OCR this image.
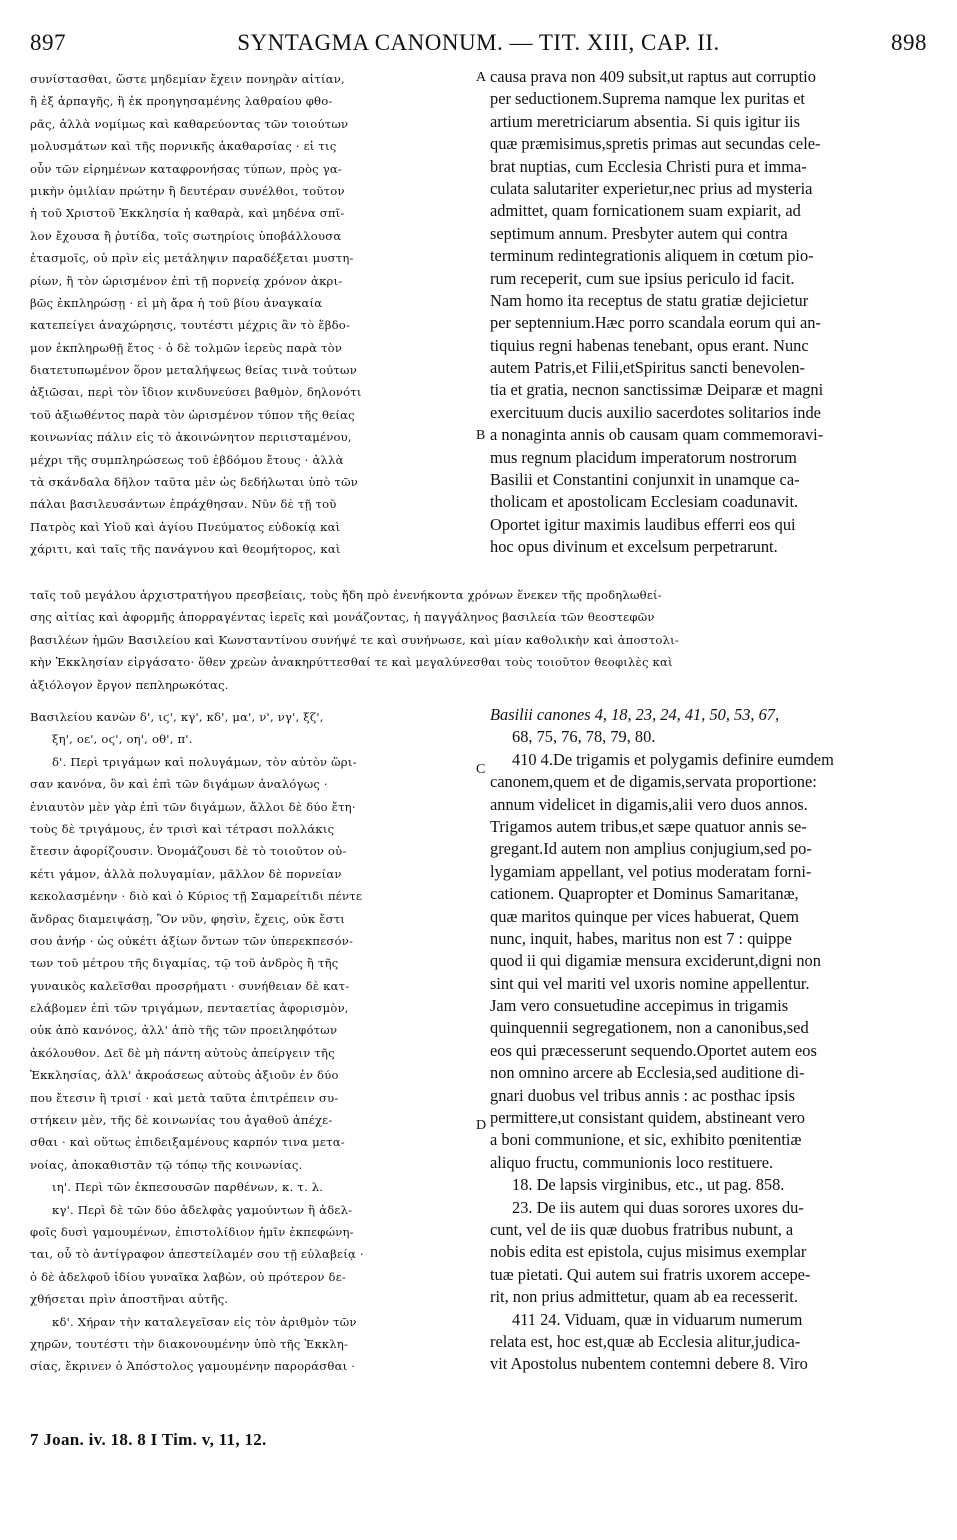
897	SYNTAGMA CANONUM. — TIT. XIII, CAP. II.	898
συνίστασθαι, ὥστε μηδεμίαν ἔχειν πονηρὰν αἰτίαν,
ἢ ἐξ ἁρπαγῆς, ἢ ἐκ προηγησαμένης λαθραίου φθο-
ρᾶς, ἀλλὰ νομίμως καὶ καθαρεύοντας τῶν τοιούτων
μολυσμάτων καὶ τῆς πορνικῆς ἀκαθαρσίας · εἰ τις
οὖν τῶν εἰρημένων καταφρονήσας τύπων, πρὸς γα-
μικὴν ὁμιλίαν πρώτην ἢ δευτέραν συνέλθοι, τοῦτον
ἡ τοῦ Χριστοῦ Ἐκκλησία ἡ καθαρὰ, καὶ μηδένα σπῖ-
λον ἔχουσα ἢ ῥυτίδα, τοῖς σωτηρίοις ὑποβάλλουσα
ἐτασμοῖς, οὐ πρὶν εἰς μετάληψιν παραδέξεται μυστη-
ρίων, ἢ τὸν ὡρισμένον ἐπὶ τῇ πορνείᾳ χρόνον ἀκρι-
βῶς ἐκπληρώσῃ · εἰ μὴ ἄρα ἡ τοῦ βίου ἀναγκαία
κατεπείγει ἀναχώρησις, τουτέστι μέχρις ἂν τὸ ἕβδο-
μον ἐκπληρωθῇ ἔτος · ὁ δὲ τολμῶν ἱερεὺς παρὰ τὸν
διατετυπωμένον ὅρον μεταλήψεως θείας τινὰ τούτων
ἀξιῶσαι, περὶ τὸν ἴδιον κινδυνεύσει βαθμὸν, δηλονότι
τοῦ ἀξιωθέντος παρὰ τὸν ὡρισμένον τύπον τῆς θείας
κοινωνίας πάλιν εἰς τὸ ἀκοινώνητον περιισταμένου,
μέχρι τῆς συμπληρώσεως τοῦ ἑβδόμου ἔτους · ἀλλὰ
τὰ σκάνδαλα δῆλον ταῦτα μὲν ὡς δεδήλωται ὑπὸ τῶν
πάλαι βασιλευσάντων ἐπράχθησαν. Νῦν δὲ τῇ τοῦ
Πατρὸς καὶ Υἱοῦ καὶ ἁγίου Πνεύματος εὐδοκίᾳ καὶ
χάριτι, καὶ ταῖς τῆς πανάγνου καὶ θεομήτορος, καὶ
causa prava non 409 subsit,ut raptus aut corruptio
per seductionem.Suprema namque lex puritas et
artium meretriciarum absentia. Si quis igitur iis
quæ præmisimus,spretis primas aut secundas cele-
brat nuptias, cum Ecclesia Christi pura et imma-
culata salutariter experietur,nec prius ad mysteria
admittet, quam fornicationem suam expiarit, ad
septimum annum. Presbyter autem qui contra
terminum redintegrationis aliquem in cœtum pio-
rum receperit, cum sue ipsius periculo id facit.
Nam homo ita receptus de statu gratiæ dejicietur
per septennium.Hæc porro scandala eorum qui an-
tiquius regni habenas tenebant, opus erant. Nunc
autem Patris,et Filii,etSpiritus sancti benevolen-
tia et gratia, necnon sanctissimæ Deiparæ et magni
exercituum ducis auxilio sacerdotes solitarios inde
a nonaginta annis ob causam quam commemoravi-
mus regnum placidum imperatorum nostrorum
Basilii et Constantini conjunxit in unamque ca-
tholicam et apostolicam Ecclesiam coadunavit.
Oportet igitur maximis laudibus efferri eos qui
hoc opus divinum et excelsum perpetrarunt.
ταῖς τοῦ μεγάλου ἀρχιστρατήγου πρεσβείαις, τοὺς ἤδη πρὸ ἐνενήκοντα χρόνων ἕνεκεν τῆς προδηλωθεί-
σης αἰτίας καὶ ἀφορμῆς ἀπορραγέντας ἱερεῖς καὶ μονάζοντας, ἡ παγγάληνος βασιλεία τῶν θεοστεφῶν
βασιλέων ἡμῶν Βασιλείου καὶ Κωνσταντίνου συνήψέ τε καὶ συνήνωσε, καὶ μίαν καθολικὴν καὶ ἀποστολι-
κὴν Ἐκκλησίαν εἰργάσατο· ὅθεν χρεὼν ἀνακηρύττεσθαί τε καὶ μεγαλύνεσθαι τοὺς τοιοῦτον θεοφιλὲς καὶ
ἀξιόλογον ἔργον πεπληρωκότας.
Βασιλείου κανὼν δ', ιϛ', κγ', κδ', μα', ν', νγ', ξζ',
ξη', οε', οϛ', οη', οθ', π'.
δ'. Περὶ τριγάμων καὶ πολυγάμων, τὸν αὐτὸν ὥρι-
σαν κανόνα, ὃν καὶ ἐπὶ τῶν διγάμων ἀναλόγως ·
ἐνιαυτὸν μὲν γὰρ ἐπὶ τῶν διγάμων, ἄλλοι δὲ δύο ἔτη·
τοὺς δὲ τριγάμους, ἐν τρισὶ καὶ τέτρασι πολλάκις
ἔτεσιν ἀφορίζουσιν. Ὀνομάζουσι δὲ τὸ τοιοῦτον οὐ-
κέτι γάμον, ἀλλὰ πολυγαμίαν, μᾶλλον δὲ πορνείαν
κεκολασμένην · διὸ καὶ ὁ Κύριος τῇ Σαμαρείτιδι πέντε
ἄνδρας διαμειψάσῃ, Ὃν νῦν, φησὶν, ἔχεις, οὐκ ἔστι
σου ἀνήρ · ὡς οὐκέτι ἀξίων ὄντων τῶν ὑπερεκπεσόν-
των τοῦ μέτρου τῆς διγαμίας, τῷ τοῦ ἀνδρὸς ἢ τῆς
γυναικὸς καλεῖσθαι προσρήματι · συνήθειαν δὲ κατ-
ελάβομεν ἐπὶ τῶν τριγάμων, πενταετίας ἀφορισμὸν,
οὐκ ἀπὸ κανόνος, ἀλλ' ἀπὸ τῆς τῶν προειληφότων
ἀκόλουθον. Δεῖ δὲ μὴ πάντη αὐτοὺς ἀπείργειν τῆς
Ἐκκλησίας, ἀλλ' ἀκροάσεως αὐτοὺς ἀξιοῦν ἐν δύο
που ἔτεσιν ἢ τρισί · καὶ μετὰ ταῦτα ἐπιτρέπειν συ-
στήκειν μὲν, τῆς δὲ κοινωνίας του ἀγαθοῦ ἀπέχε-
σθαι · καὶ οὕτως ἐπιδειξαμένους καρπόν τινα μετα-
νοίας, ἀποκαθιστᾶν τῷ τόπῳ τῆς κοινωνίας.
ιη'. Περὶ τῶν ἐκπεσουσῶν παρθένων, κ. τ. λ.
κγ'. Περὶ δὲ τῶν δύο ἀδελφὰς γαμούντων ἢ ἀδελ-
φοῖς δυσὶ γαμουμένων, ἐπιστολίδιον ἡμῖν ἐκπεφώνη-
ται, οὗ τὸ ἀντίγραφον ἀπεστείλαμέν σου τῇ εὐλαβείᾳ ·
ὁ δὲ ἀδελφοῦ ἰδίου γυναῖκα λαβὼν, οὐ πρότερον δε-
χθήσεται πρὶν ἀποστῆναι αὐτῆς.
κδ'. Χήραν τὴν καταλεγεῖσαν εἰς τὸν ἀριθμὸν τῶν
χηρῶν, τουτέστι τὴν διακονουμένην ὑπὸ τῆς Ἐκκλη-
σίας, ἔκρινεν ὁ Ἀπόστολος γαμουμένην παροράσθαι ·
Basilii canones 4, 18, 23, 24, 41, 50, 53, 67,
68, 75, 76, 78, 79, 80.
410 4.De trigamis et polygamis definire eumdem
canonem,quem et de digamis,servata proportione:
annum videlicet in digamis,alii vero duos annos.
Trigamos autem tribus,et sæpe quatuor annis se-
gregant.Id autem non amplius conjugium,sed po-
lygamiam appellant, vel potius moderatam forni-
cationem. Quapropter et Dominus Samaritanæ,
quæ maritos quinque per vices habuerat, Quem
nunc, inquit, habes, maritus non est 7 : quippe
quod ii qui digamiæ mensura exciderunt,digni non
sint qui vel mariti vel uxoris nomine appellentur.
Jam vero consuetudine accepimus in trigamis
quinquennii segregationem, non a canonibus,sed
eos qui præcesserunt sequendo.Oportet autem eos
non omnino arcere ab Ecclesia,sed auditione di-
gnari duobus vel tribus annis : ac posthac ipsis
permittere,ut consistant quidem, abstineant vero
a boni communione, et sic, exhibito pœnitentiæ
aliquo fructu, communionis loco restituere.
18. De lapsis virginibus, etc., ut pag. 858.
23. De iis autem qui duas sorores uxores du-
cunt, vel de iis quæ duobus fratribus nubunt, a
nobis edita est epistola, cujus misimus exemplar
tuæ pietati. Qui autem sui fratris uxorem accepe-
rit, non prius admittetur, quam ab ea recesserit.
411 24. Viduam, quæ in viduarum numerum
relata est, hoc est,quæ ab Ecclesia alitur,judica-
vit Apostolus nubentem contemni debere 8. Viro
A
B
C
D
7 Joan. iv. 18. 8 I Tim. v, 11, 12.
